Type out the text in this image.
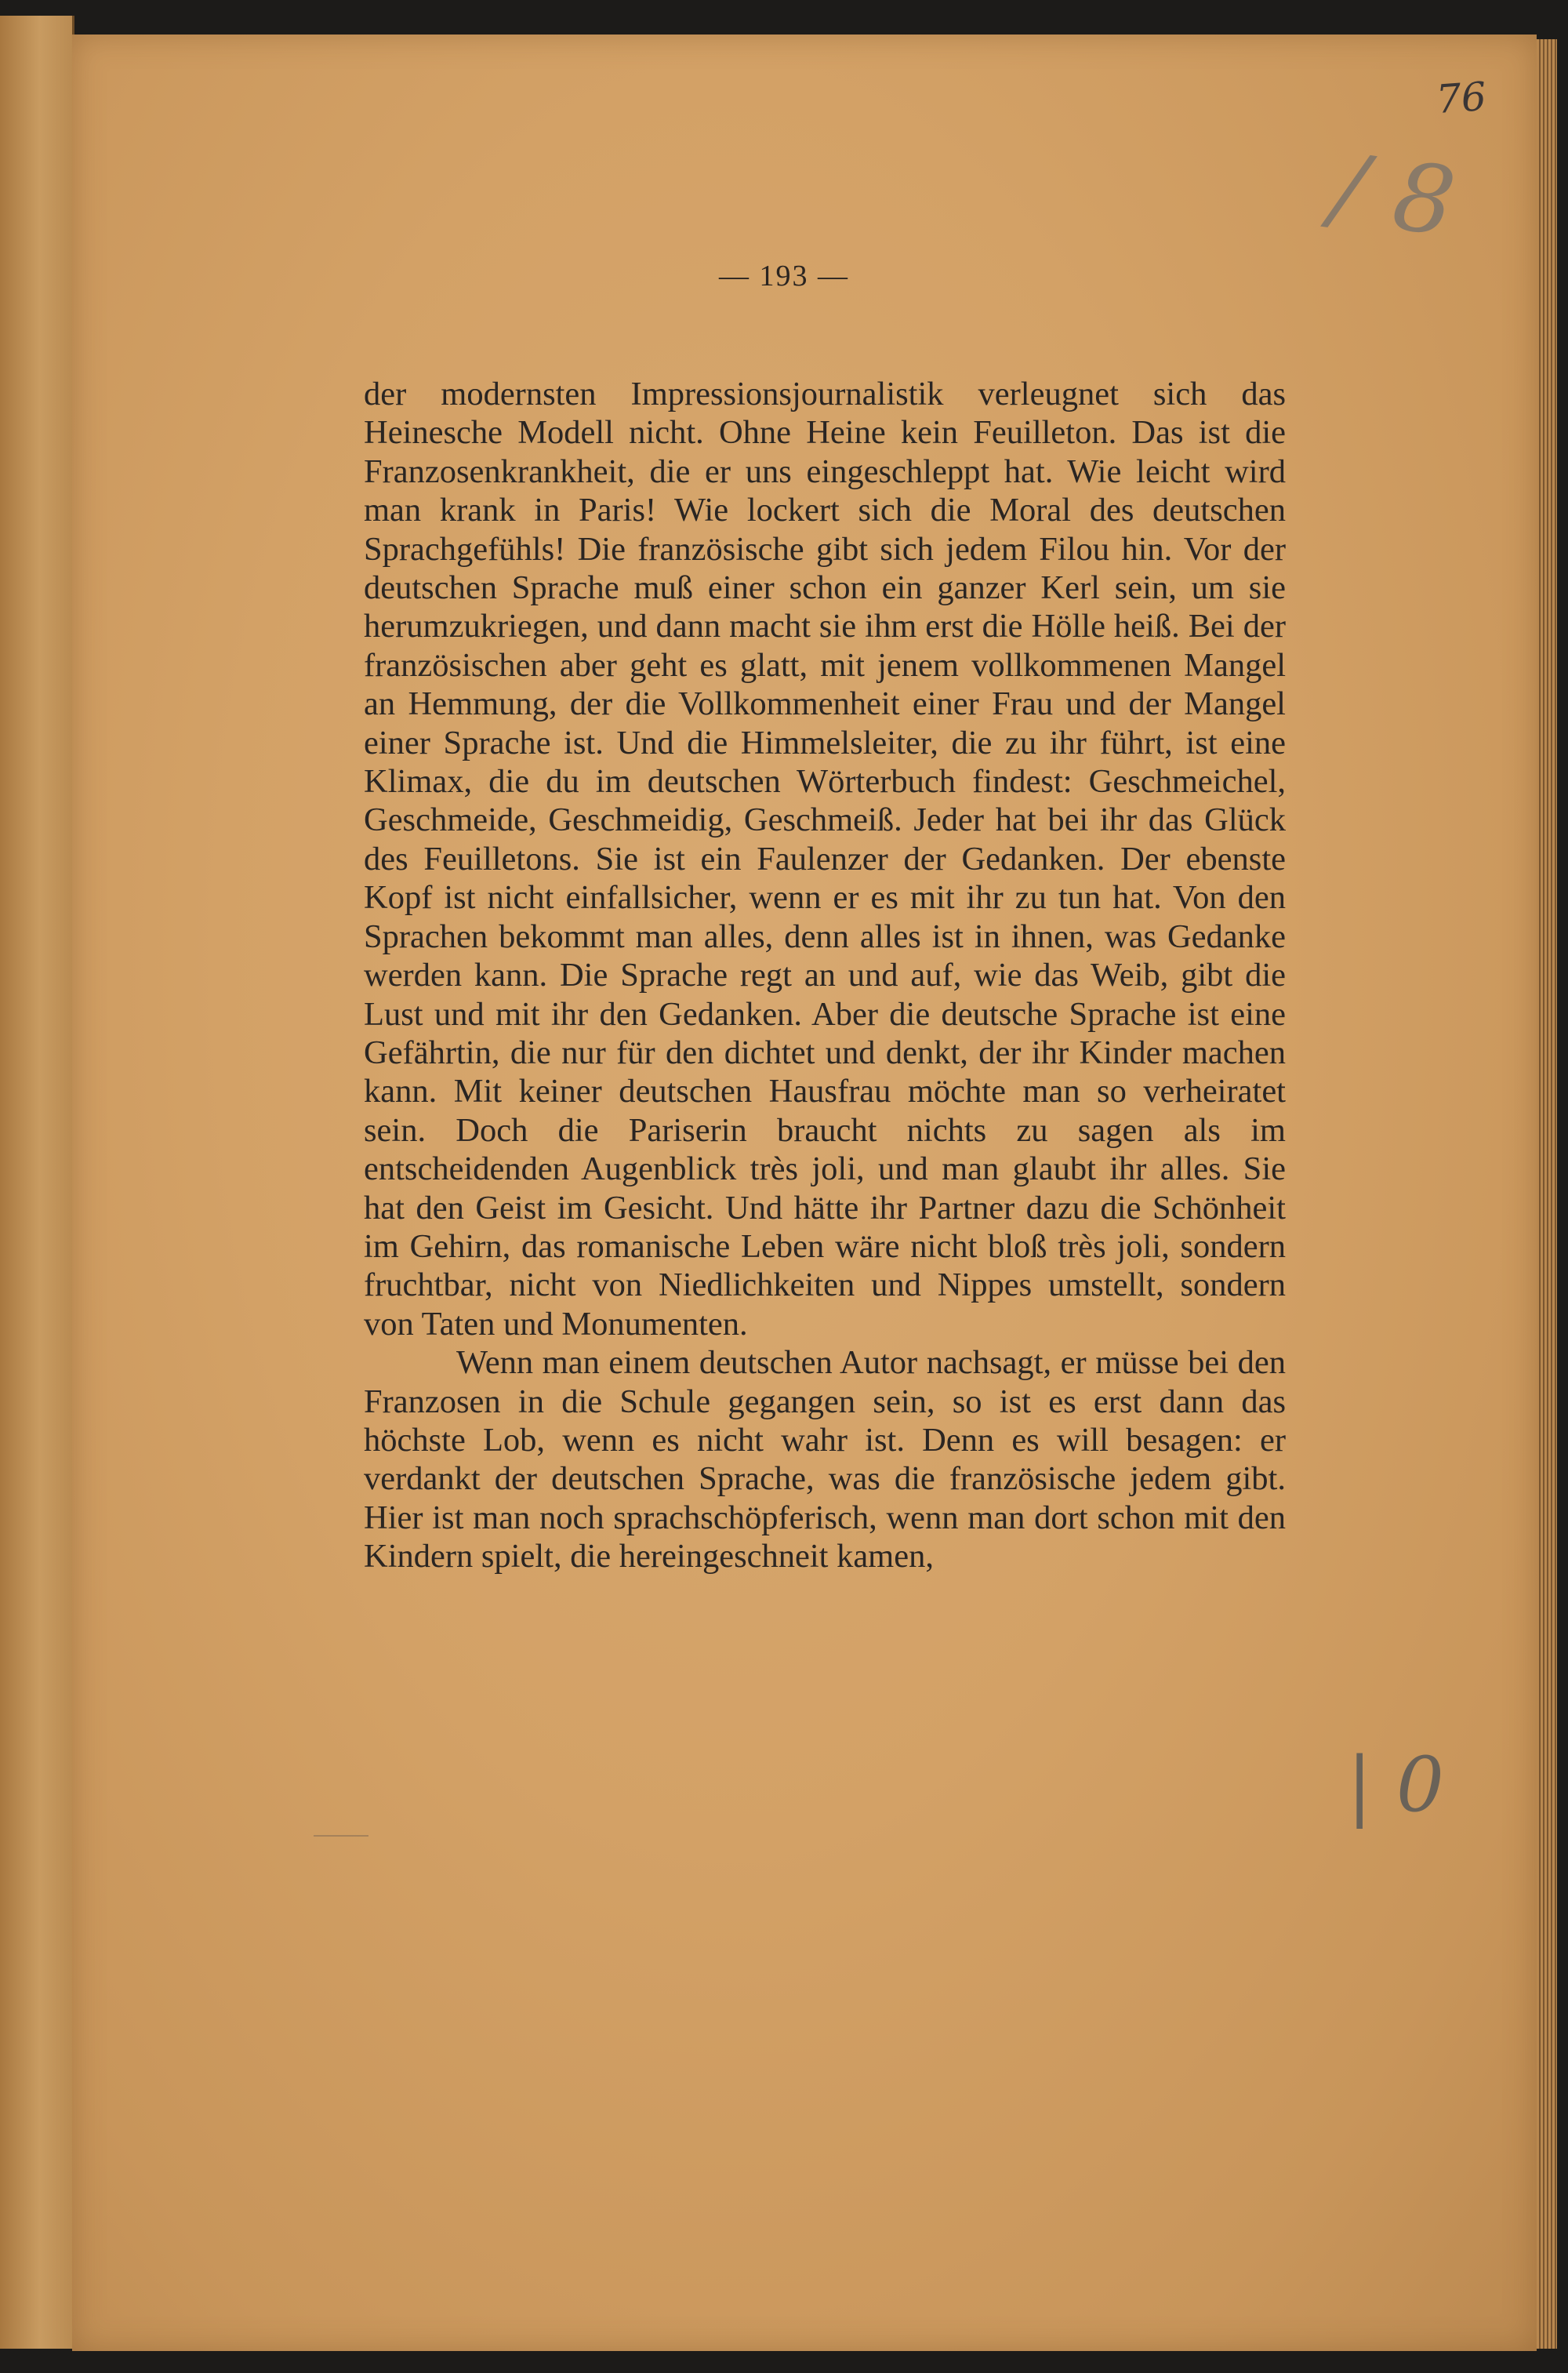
76
/ 8
| 0
— 193 —

der modernsten Impressionsjournalistik verleugnet sich das Heinesche Modell nicht. Ohne Heine kein Feuilleton. Das ist die Franzosenkrankheit, die er uns eingeschleppt hat. Wie leicht wird man krank in Paris! Wie lockert sich die Moral des deutschen Sprachgefühls! Die französische gibt sich jedem Filou hin. Vor der deutschen Sprache muß einer schon ein ganzer Kerl sein, um sie herumzukriegen, und dann macht sie ihm erst die Hölle heiß. Bei der französischen aber geht es glatt, mit jenem vollkommenen Mangel an Hemmung, der die Vollkommenheit einer Frau und der Mangel einer Sprache ist. Und die Himmelsleiter, die zu ihr führt, ist eine Klimax, die du im deutschen Wörterbuch findest: Geschmeichel, Geschmeide, Geschmeidig, Geschmeiß. Jeder hat bei ihr das Glück des Feuilletons. Sie ist ein Faulenzer der Gedanken. Der ebenste Kopf ist nicht einfallsicher, wenn er es mit ihr zu tun hat. Von den Sprachen bekommt man alles, denn alles ist in ihnen, was Gedanke werden kann. Die Sprache regt an und auf, wie das Weib, gibt die Lust und mit ihr den Gedanken. Aber die deutsche Sprache ist eine Gefährtin, die nur für den dichtet und denkt, der ihr Kinder machen kann. Mit keiner deutschen Hausfrau möchte man so verheiratet sein. Doch die Pariserin braucht nichts zu sagen als im entscheidenden Augenblick très joli, und man glaubt ihr alles. Sie hat den Geist im Gesicht. Und hätte ihr Partner dazu die Schönheit im Gehirn, das romanische Leben wäre nicht bloß très joli, sondern fruchtbar, nicht von Niedlichkeiten und Nippes umstellt, sondern von Taten und Monumenten.

Wenn man einem deutschen Autor nachsagt, er müsse bei den Franzosen in die Schule gegangen sein, so ist es erst dann das höchste Lob, wenn es nicht wahr ist. Denn es will besagen: er verdankt der deutschen Sprache, was die französische jedem gibt. Hier ist man noch sprachschöpferisch, wenn man dort schon mit den Kindern spielt, die hereingeschneit kamen,
